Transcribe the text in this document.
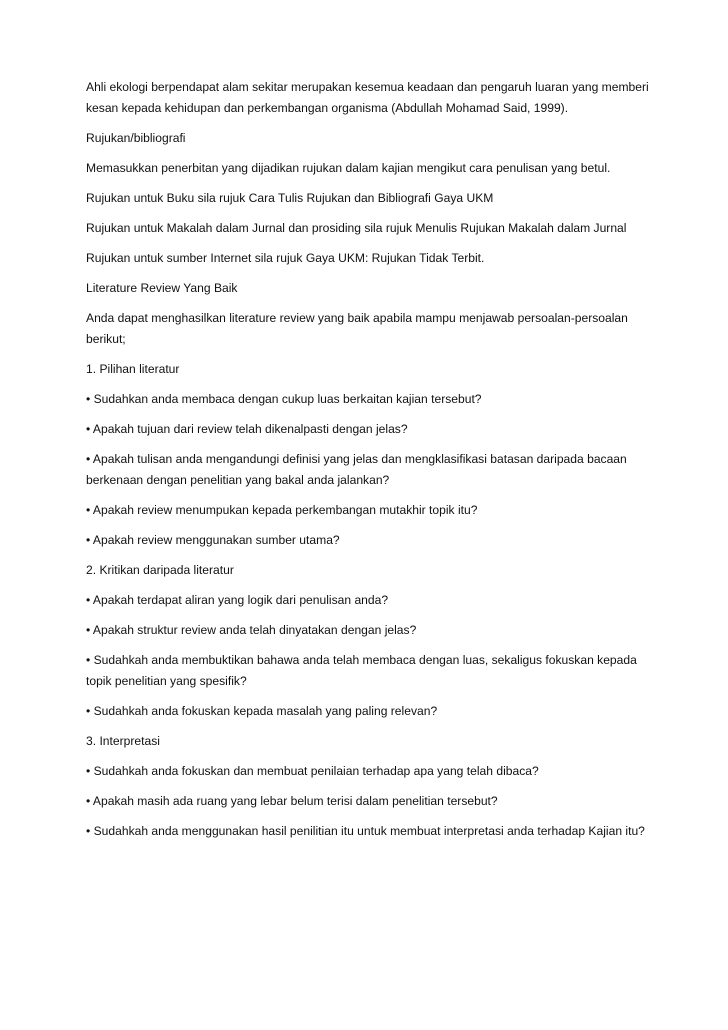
Ahli ekologi berpendapat alam sekitar merupakan kesemua keadaan dan pengaruh luaran yang memberi kesan kepada kehidupan dan perkembangan organisma (Abdullah Mohamad Said, 1999).

Rujukan/bibliografi

Memasukkan penerbitan yang dijadikan rujukan dalam kajian mengikut cara penulisan yang betul.

Rujukan untuk Buku sila rujuk Cara Tulis Rujukan dan Bibliografi Gaya UKM

Rujukan untuk Makalah dalam Jurnal dan prosiding sila rujuk Menulis Rujukan Makalah dalam Jurnal

Rujukan untuk sumber Internet sila rujuk Gaya UKM: Rujukan Tidak Terbit.

Literature Review Yang Baik

Anda dapat menghasilkan literature review yang baik apabila mampu menjawab persoalan-persoalan berikut;

1. Pilihan literatur

• Sudahkan anda membaca dengan cukup luas berkaitan kajian tersebut?

• Apakah tujuan dari review telah dikenalpasti dengan jelas?

• Apakah tulisan anda mengandungi definisi yang jelas dan mengklasifikasi batasan daripada bacaan berkenaan dengan penelitian yang bakal anda jalankan?

• Apakah review menumpukan kepada perkembangan mutakhir topik itu?

• Apakah review menggunakan sumber utama?

2. Kritikan daripada literatur

• Apakah terdapat aliran yang logik dari penulisan anda?

• Apakah struktur review anda telah dinyatakan dengan jelas?

• Sudahkah anda membuktikan bahawa anda telah membaca dengan luas, sekaligus fokuskan kepada topik penelitian yang spesifik?

• Sudahkah anda fokuskan kepada masalah yang paling relevan?

3. Interpretasi

• Sudahkah anda fokuskan dan membuat penilaian terhadap apa yang telah dibaca?

• Apakah masih ada ruang yang lebar belum terisi dalam penelitian tersebut?

• Sudahkah anda menggunakan hasil penilitian itu untuk membuat interpretasi anda terhadap Kajian itu?
